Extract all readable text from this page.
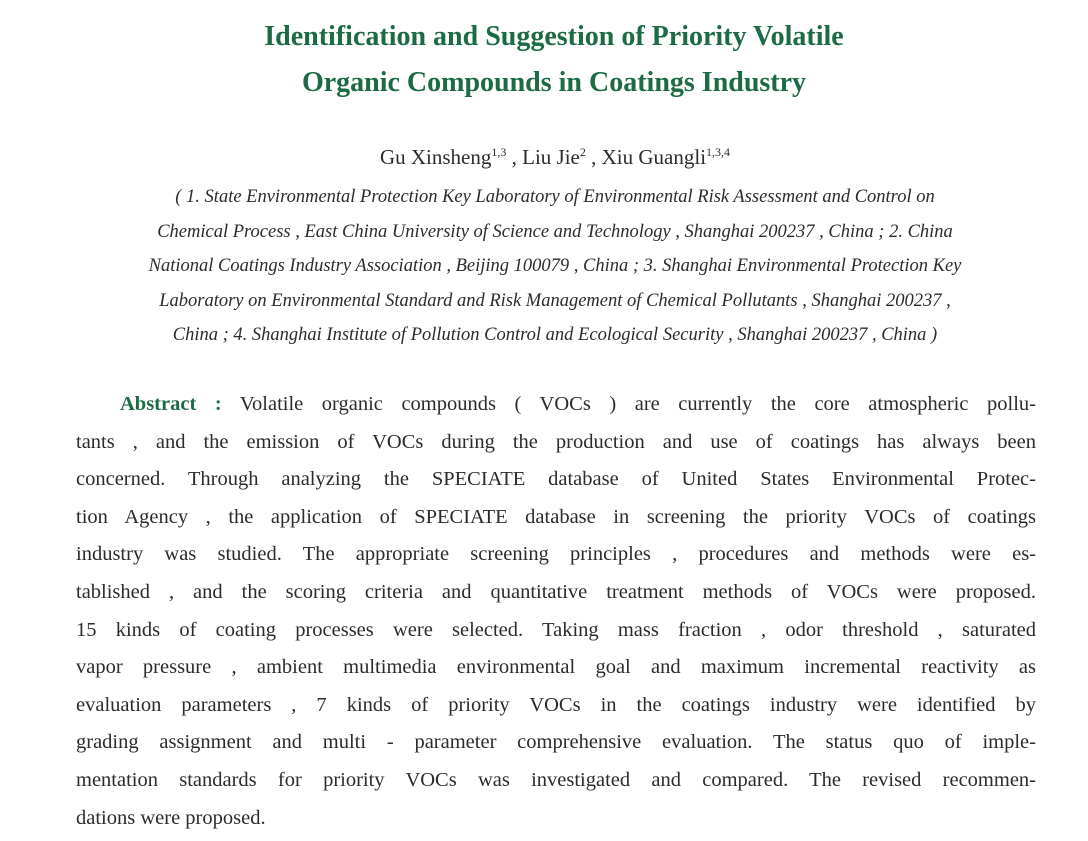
Identification and Suggestion of Priority Volatile
Organic Compounds in Coatings Industry
Gu Xinsheng$^{1,3}$ , Liu Jie$^2$ , Xiu Guangli$^{1,3,4}$
( 1. State Environmental Protection Key Laboratory of Environmental Risk Assessment and Control on
Chemical Process , East China University of Science and Technology , Shanghai 200237 , China ; 2. China
National Coatings Industry Association , Beijing 100079 , China ; 3. Shanghai Environmental Protection Key
Laboratory on Environmental Standard and Risk Management of Chemical Pollutants , Shanghai 200237 ,
China ; 4. Shanghai Institute of Pollution Control and Ecological Security , Shanghai 200237 , China )
Abstract : Volatile organic compounds ( VOCs ) are currently the core atmospheric pollu-
tants , and the emission of VOCs during the production and use of coatings has always been
concerned. Through analyzing the SPECIATE database of United States Environmental Protec-
tion Agency , the application of SPECIATE database in screening the priority VOCs of coatings
industry was studied. The appropriate screening principles , procedures and methods were es-
tablished , and the scoring criteria and quantitative treatment methods of VOCs were proposed.
15 kinds of coating processes were selected. Taking mass fraction , odor threshold , saturated
vapor pressure , ambient multimedia environmental goal and maximum incremental reactivity as
evaluation parameters , 7 kinds of priority VOCs in the coatings industry were identified by
grading assignment and multi - parameter comprehensive evaluation. The status quo of imple-
mentation standards for priority VOCs was investigated and compared. The revised recommen-
dations were proposed.
